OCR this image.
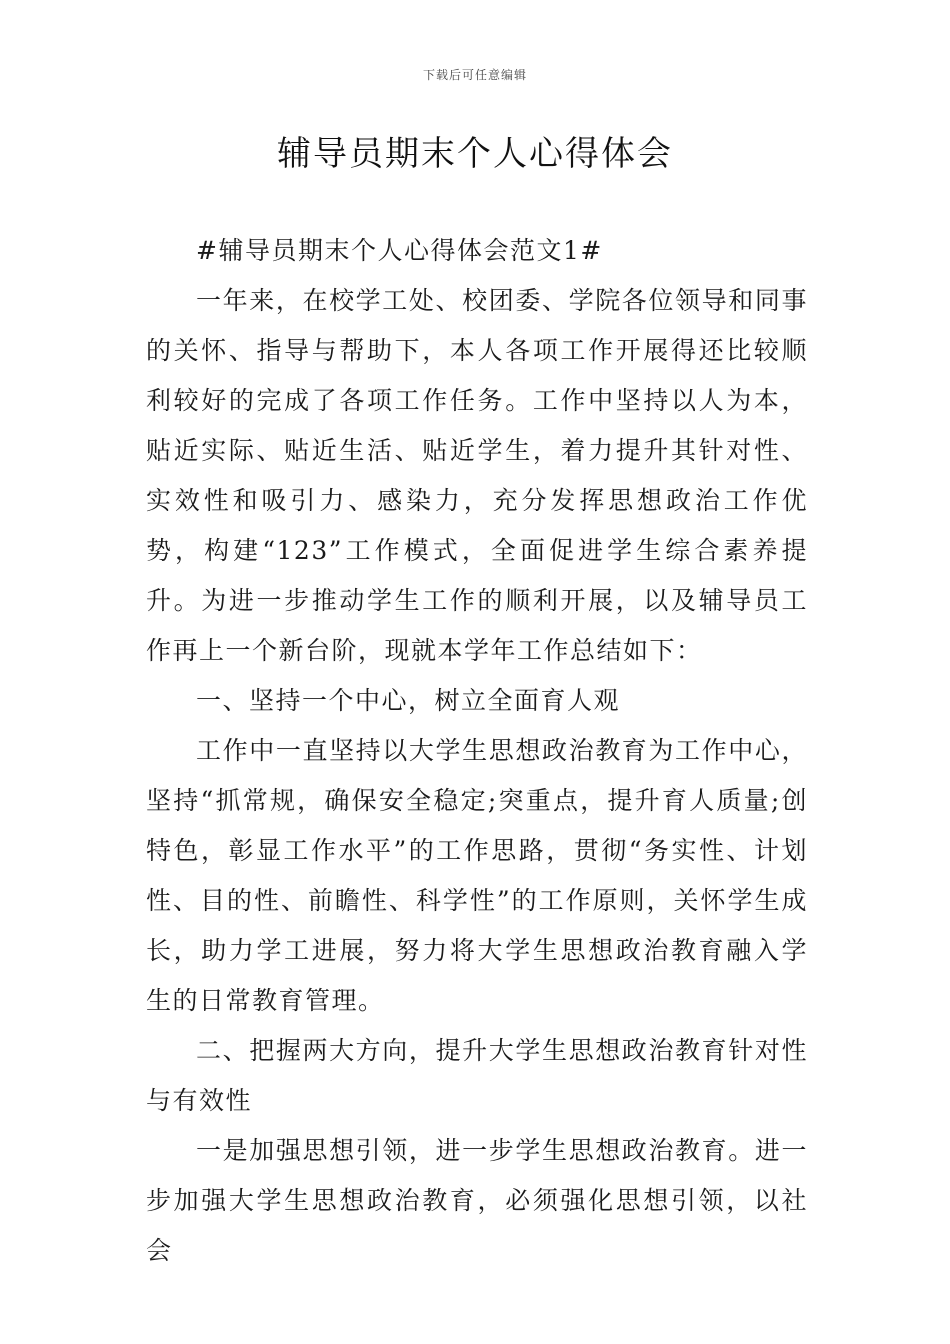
下载后可任意编辑
辅导员期末个人心得体会

#辅导员期末个人心得体会范文1#

一年来，在校学工处、校团委、学院各位领导和同事的关怀、指导与帮助下，本人各项工作开展得还比较顺利较好的完成了各项工作任务。工作中坚持以人为本，贴近实际、贴近生活、贴近学生，着力提升其针对性、实效性和吸引力、感染力，充分发挥思想政治工作优势，构建“123”工作模式，全面促进学生综合素养提升。为进一步推动学生工作的顺利开展，以及辅导员工作再上一个新台阶，现就本学年工作总结如下：

一、坚持一个中心，树立全面育人观

工作中一直坚持以大学生思想政治教育为工作中心，坚持“抓常规，确保安全稳定;突重点，提升育人质量;创特色，彰显工作水平”的工作思路，贯彻“务实性、计划性、目的性、前瞻性、科学性”的工作原则，关怀学生成长，助力学工进展，努力将大学生思想政治教育融入学生的日常教育管理。

二、把握两大方向，提升大学生思想政治教育针对性与有效性

一是加强思想引领，进一步学生思想政治教育。进一步加强大学生思想政治教育，必须强化思想引领，以社会
